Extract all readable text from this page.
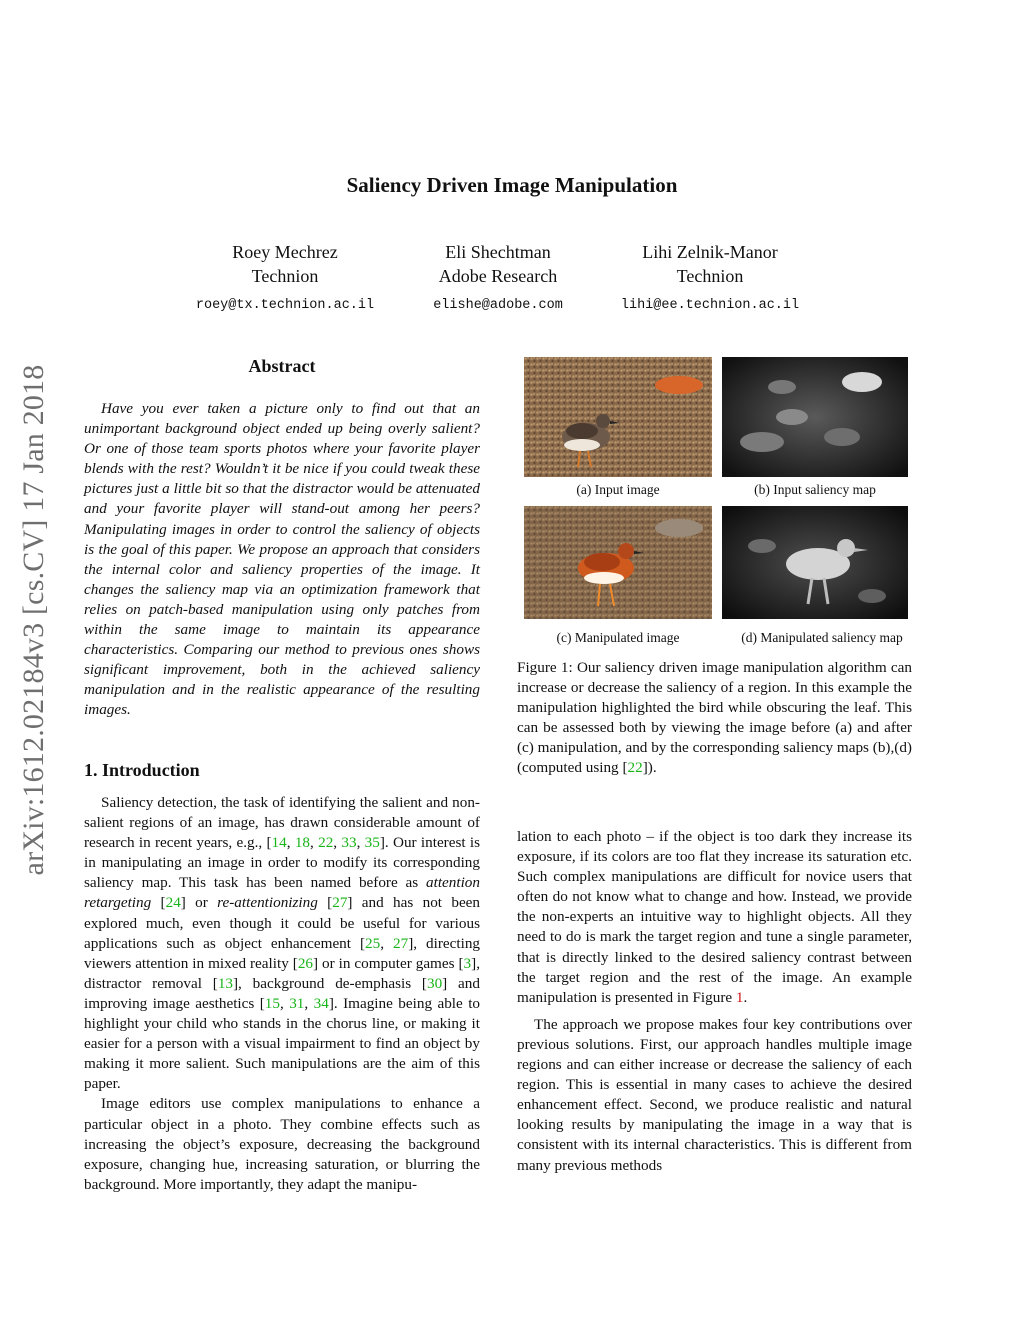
arXiv:1612.02184v3 [cs.CV] 17 Jan 2018
Saliency Driven Image Manipulation
Roey Mechrez
Technion
roey@tx.technion.ac.il
Eli Shechtman
Adobe Research
elishe@adobe.com
Lihi Zelnik-Manor
Technion
lihi@ee.technion.ac.il
Abstract

Have you ever taken a picture only to find out that an unimportant background object ended up being overly salient? Or one of those team sports photos where your favorite player blends with the rest? Wouldn’t it be nice if you could tweak these pictures just a little bit so that the distractor would be attenuated and your favorite player will stand-out among her peers? Manipulating images in order to control the saliency of objects is the goal of this paper. We propose an approach that considers the internal color and saliency properties of the image. It changes the saliency map via an optimization framework that relies on patch-based manipulation using only patches from within the same image to maintain its appearance characteristics. Comparing our method to previous ones shows significant improvement, both in the achieved saliency manipulation and in the realistic appearance of the resulting images.

1. Introduction

Saliency detection, the task of identifying the salient and non-salient regions of an image, has drawn considerable amount of research in recent years, e.g., [14, 18, 22, 33, 35]. Our interest is in manipulating an image in order to modify its corresponding saliency map. This task has been named before as attention retargeting [24] or re-attentionizing [27] and has not been explored much, even though it could be useful for various applications such as object enhancement [25, 27], directing viewers attention in mixed reality [26] or in computer games [3], distractor removal [13], background de-emphasis [30] and improving image aesthetics [15, 31, 34]. Imagine being able to highlight your child who stands in the chorus line, or making it easier for a person with a visual impairment to find an object by making it more salient. Such manipulations are the aim of this paper.

Image editors use complex manipulations to enhance a particular object in a photo. They combine effects such as increasing the object’s exposure, decreasing the background exposure, changing hue, increasing saturation, or blurring the background. More importantly, they adapt the manipu-

(a) Input image	(b) Input saliency map
(c) Manipulated image	(d) Manipulated saliency map
Figure 1: Our saliency driven image manipulation algorithm can increase or decrease the saliency of a region. In this example the manipulation highlighted the bird while obscuring the leaf. This can be assessed both by viewing the image before (a) and after (c) manipulation, and by the corresponding saliency maps (b),(d) (computed using [22]).

lation to each photo – if the object is too dark they increase its exposure, if its colors are too flat they increase its saturation etc. Such complex manipulations are difficult for novice users that often do not know what to change and how. Instead, we provide the non-experts an intuitive way to highlight objects. All they need to do is mark the target region and tune a single parameter, that is directly linked to the desired saliency contrast between the target region and the rest of the image. An example manipulation is presented in Figure 1.

The approach we propose makes four key contributions over previous solutions. First, our approach handles multiple image regions and can either increase or decrease the saliency of each region. This is essential in many cases to achieve the desired enhancement effect. Second, we produce realistic and natural looking results by manipulating the image in a way that is consistent with its internal characteristics. This is different from many previous methods
